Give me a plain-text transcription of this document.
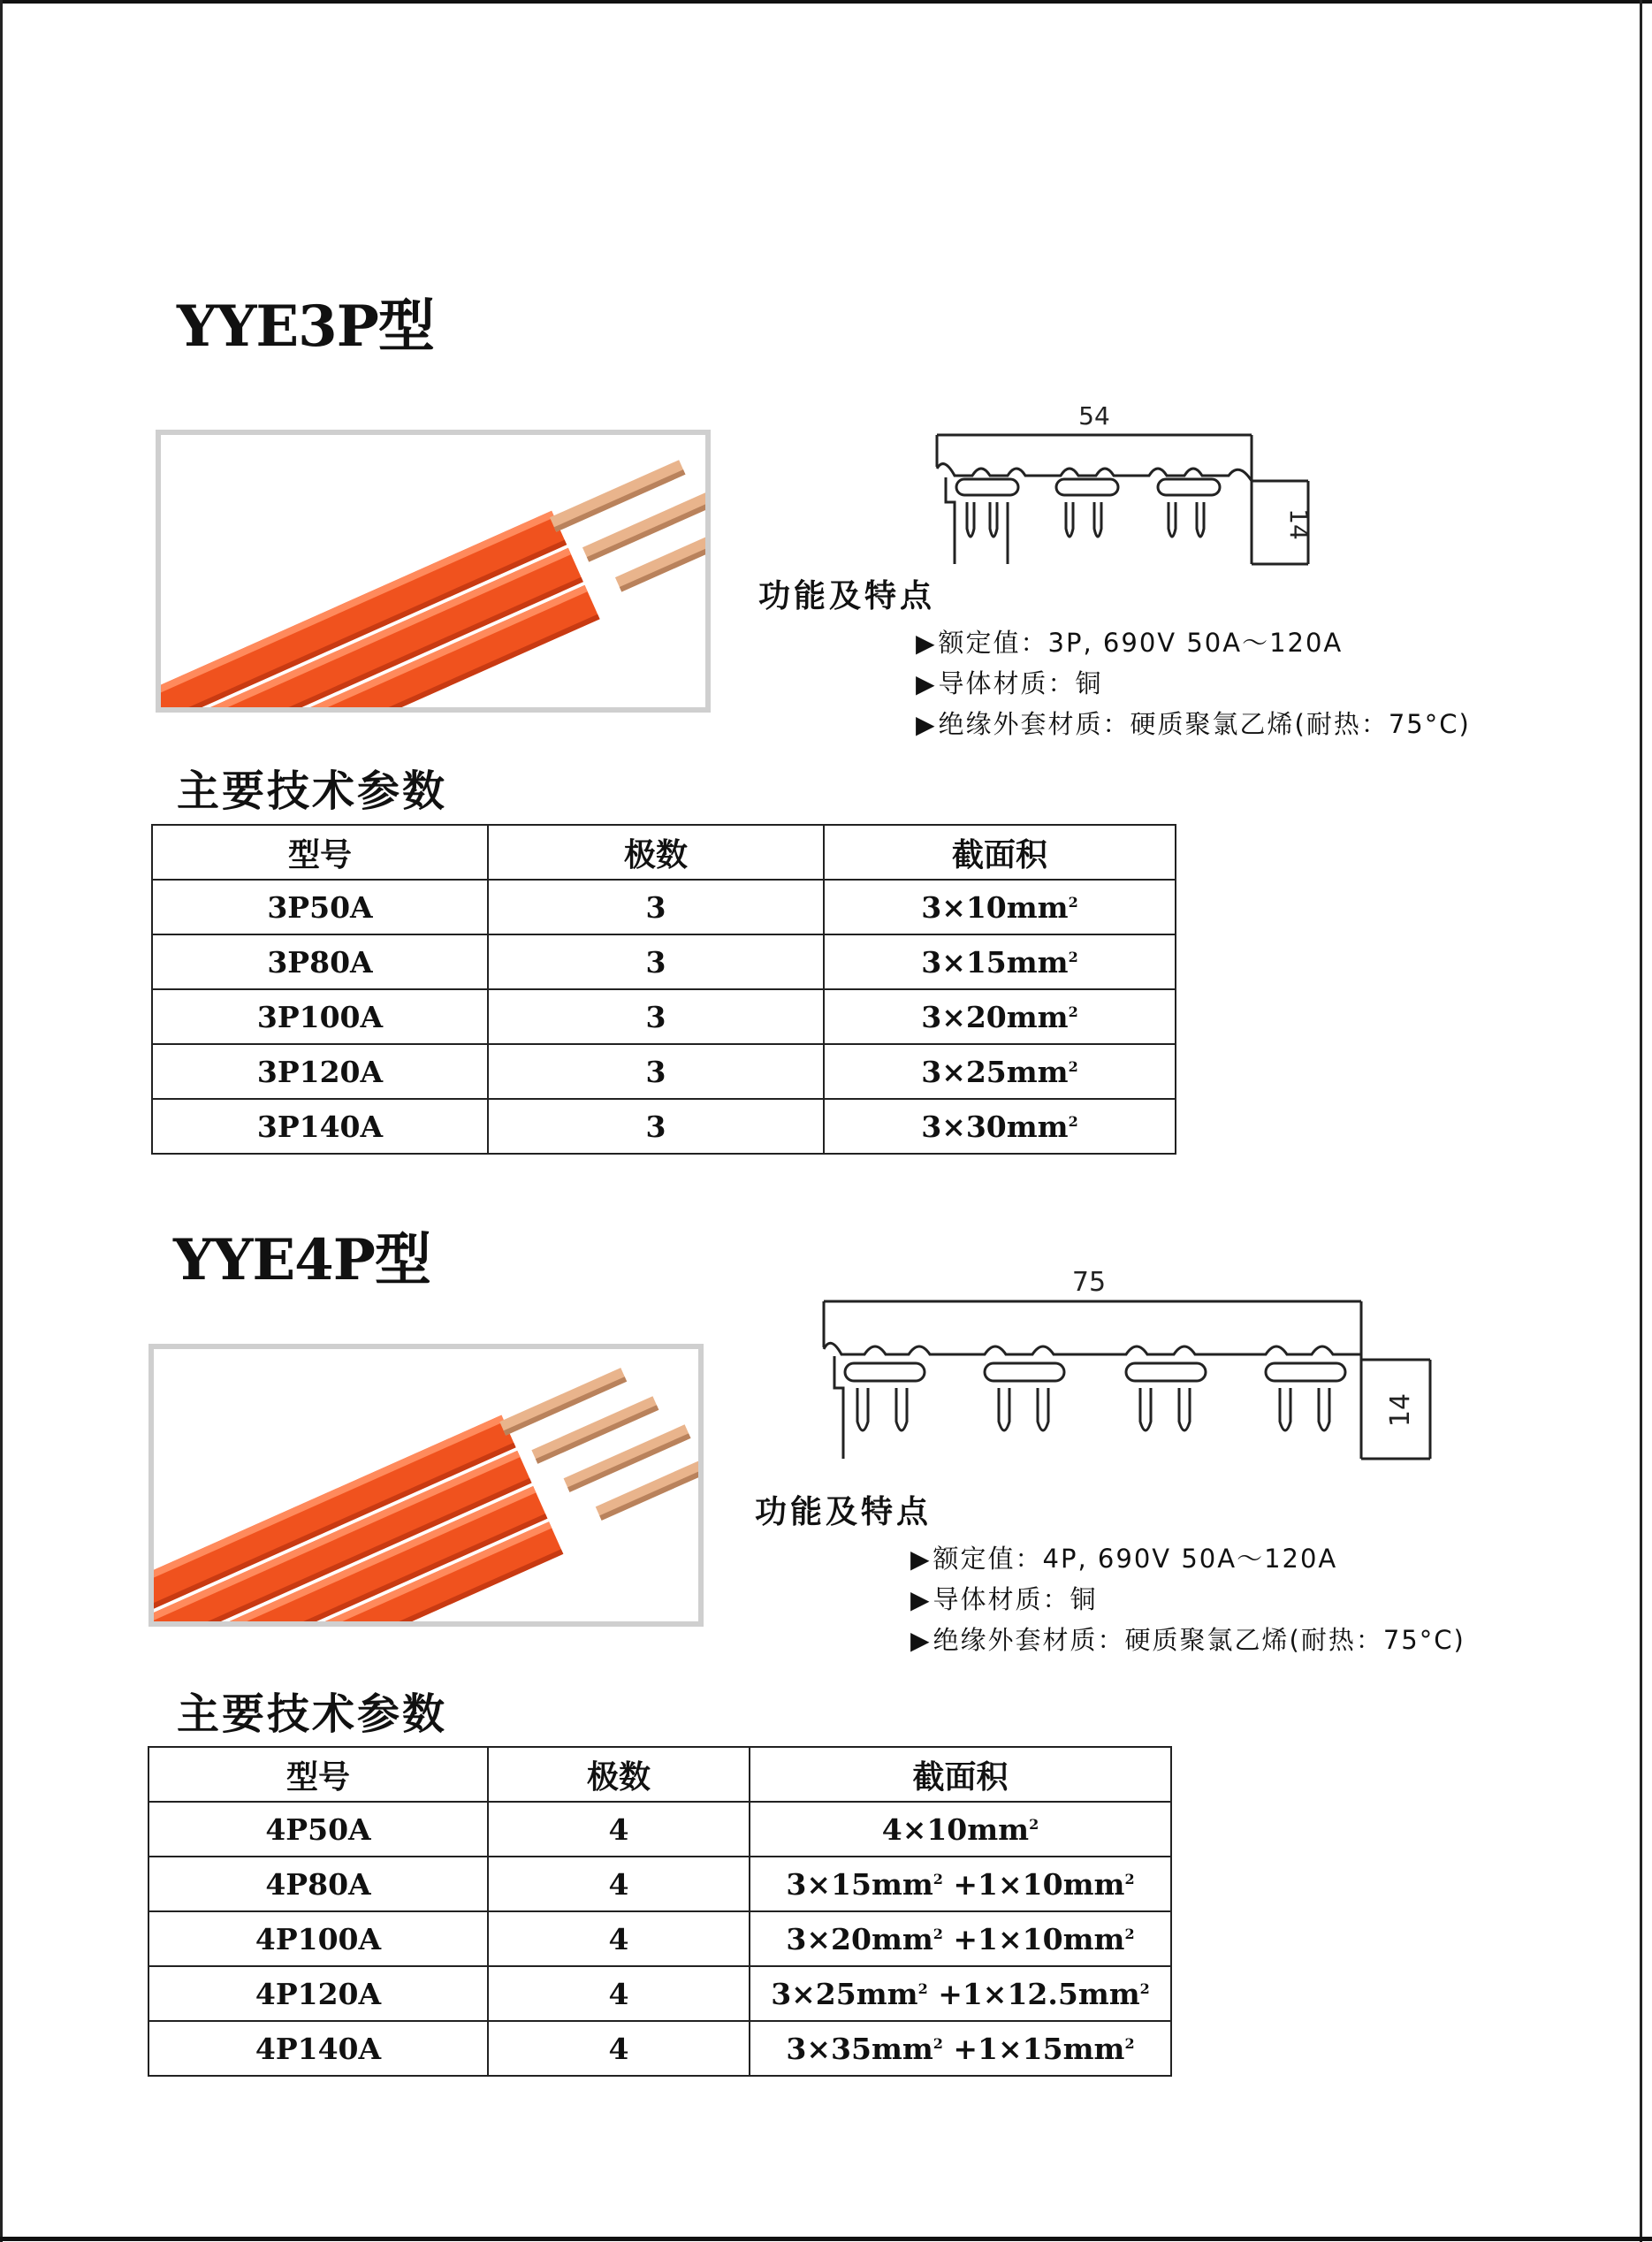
YYE3P型
54
14
功能及特点
▶额定值：3P, 690V 50A～120A
▶导体材质：铜
▶绝缘外套材质：硬质聚氯乙烯(耐热：75°C)
主要技术参数
型号	极数	截面积
3P50A	3	$3\times 10mm^2$
3P80A	3	$3\times 15mm^2$
3P100A	3	$3\times 20mm^2$
3P120A	3	$3\times 25mm^2$
3P140A	3	$3\times 30mm^2$
YYE4P型	75
14
功能及特点
▶额定值：4P, 690V 50A～120A
▶导体材质：铜
▶绝缘外套材质：硬质聚氯乙烯(耐热：75°C)
主要技术参数
型号	极数	截面积
4P50A	4	$4\times 10mm^2$
4P80A	4	$3\times 15mm^2 +1\times 10mm^2$
4P100A	4	$3\times 20mm^2 +1\times 10mm^2$
4P120A	4	$3\times 25mm^2 +1\times 12.5mm^2$
4P140A	4	$3\times 35mm^2 +1\times 15mm^2$
